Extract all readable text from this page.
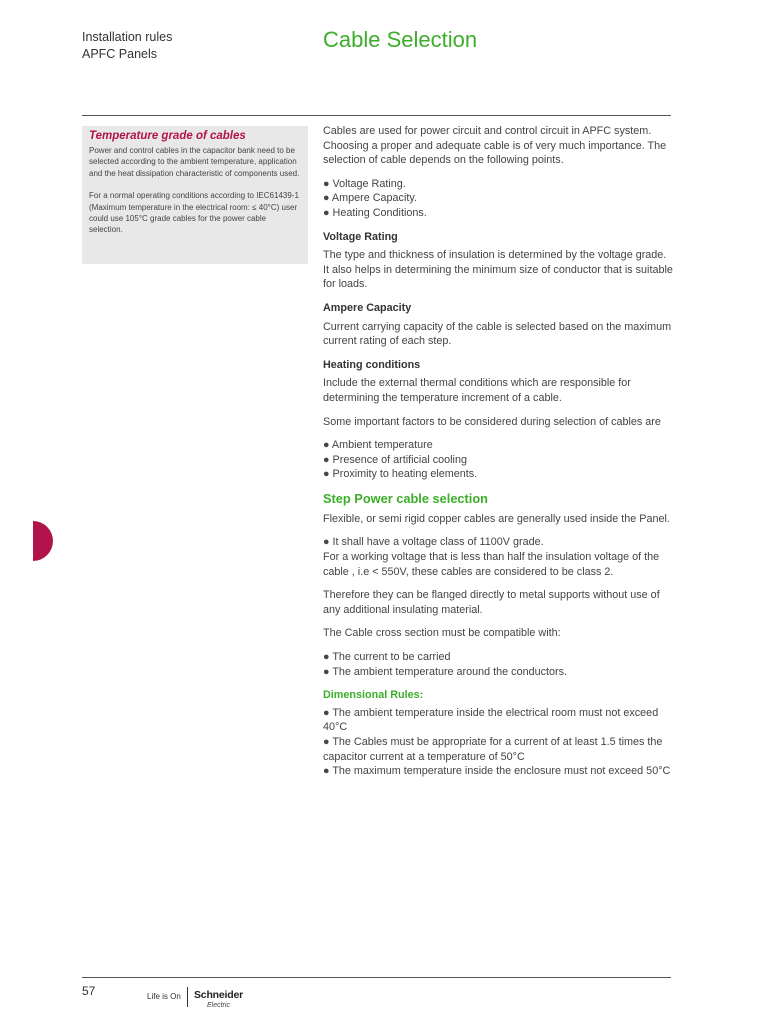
Installation rules
APFC Panels
Cable Selection
Temperature grade of cables

Power and control cables in the capacitor bank need to be selected according to the ambient temperature, application and the heat dissipation characteristic of components used.

For a normal operating conditions according to IEC61439-1 (Maximum temperature in the electrical room: ≤ 40°C) user could use 105°C grade cables for the power cable selection.

Cables are used for power circuit and control circuit in APFC system. Choosing a proper and adequate cable is of very much importance. The selection of cable depends on the following points.

● Voltage Rating.
● Ampere Capacity.
● Heating Conditions.
Voltage Rating

The type and thickness of insulation is determined by the voltage grade. It also helps in determining the minimum size of conductor that is suitable for loads.

Ampere Capacity

Current carrying capacity of the cable is selected based on the maximum current rating of each step.

Heating conditions

Include the external thermal conditions which are responsible for determining the temperature increment of a cable.

Some important factors to be considered during selection of cables are

● Ambient temperature
● Presence of artificial cooling
● Proximity to heating elements.
Step Power cable selection

Flexible, or semi rigid copper cables are generally used inside the Panel.

● It shall have a voltage class of 1100V grade.
For a working voltage that is less than half the insulation voltage of the cable , i.e < 550V, these cables are considered to be class 2.

Therefore they can be flanged directly to metal supports without use of any additional insulating material.

The Cable cross section must be compatible with:

● The current to be carried
● The ambient temperature around the conductors.
Dimensional Rules:
● The ambient temperature inside the electrical room must not exceed 40°C
● The Cables must be appropriate for a current of at least 1.5 times the capacitor current at a temperature of 50°C
● The maximum temperature inside the enclosure must not exceed 50°C
57	Life is On Schneider
Electric
